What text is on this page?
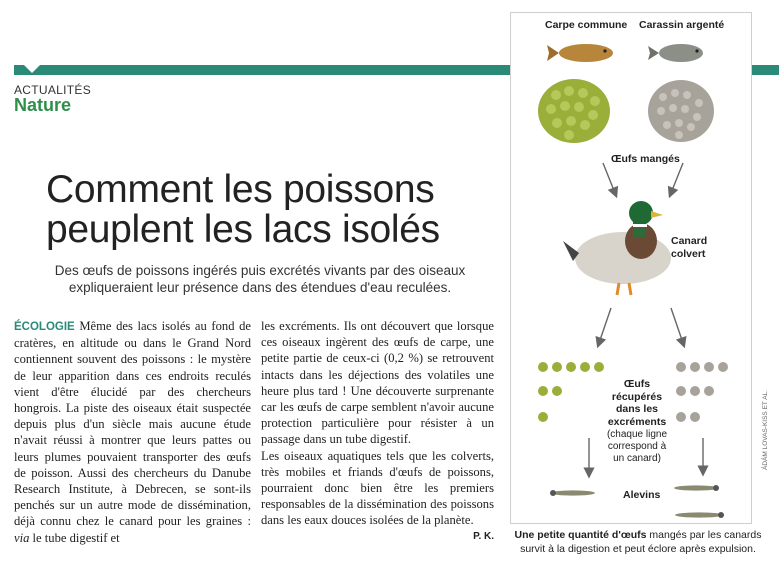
ACTUALITÉS
Nature
Comment les poissons
peuplent les lacs isolés
Des œufs de poissons ingérés puis excrétés vivants par des oiseaux expliqueraient leur présence dans des étendues d'eau reculées.
ÉCOLOGIE Même des lacs isolés au fond de cratères, en altitude ou dans le Grand Nord contiennent souvent des poissons : le mystère de leur apparition dans ces endroits reculés vient d'être élucidé par des chercheurs hongrois. La piste des oiseaux était suspectée depuis plus d'un siècle mais aucune étude n'avait réussi à montrer que leurs pattes ou leurs plumes pouvaient transporter des œufs de poisson. Aussi des chercheurs du Danube Research Institute, à Debrecen, se sont-ils penchés sur un autre mode de dissémination, déjà connu chez le canard pour les graines : via le tube digestif et
les excréments. Ils ont découvert que lorsque ces oiseaux ingèrent des œufs de carpe, une petite partie de ceux-ci (0,2 %) se retrouvent intacts dans les déjections des volatiles une heure plus tard ! Une découverte surprenante car les œufs de carpe semblent n'avoir aucune protection particulière pour résister à un passage dans un tube digestif.
Les oiseaux aquatiques tels que les colverts, très mobiles et friands d'œufs de poissons, pourraient donc bien être les premiers responsables de la dissémination des poissons dans les eaux douces isolées de la planète.
P. K.
Carpe commune Carassin argenté
Œufs mangés
Canard
colvert
Œufs
récupérés
dans les
excréments
(chaque ligne
correspond à
un canard)
Alevins
ÁDÁM LOVAS-KISS ET AL.
Une petite quantité d'œufs mangés par les canards survit à la digestion et peut éclore après expulsion.
